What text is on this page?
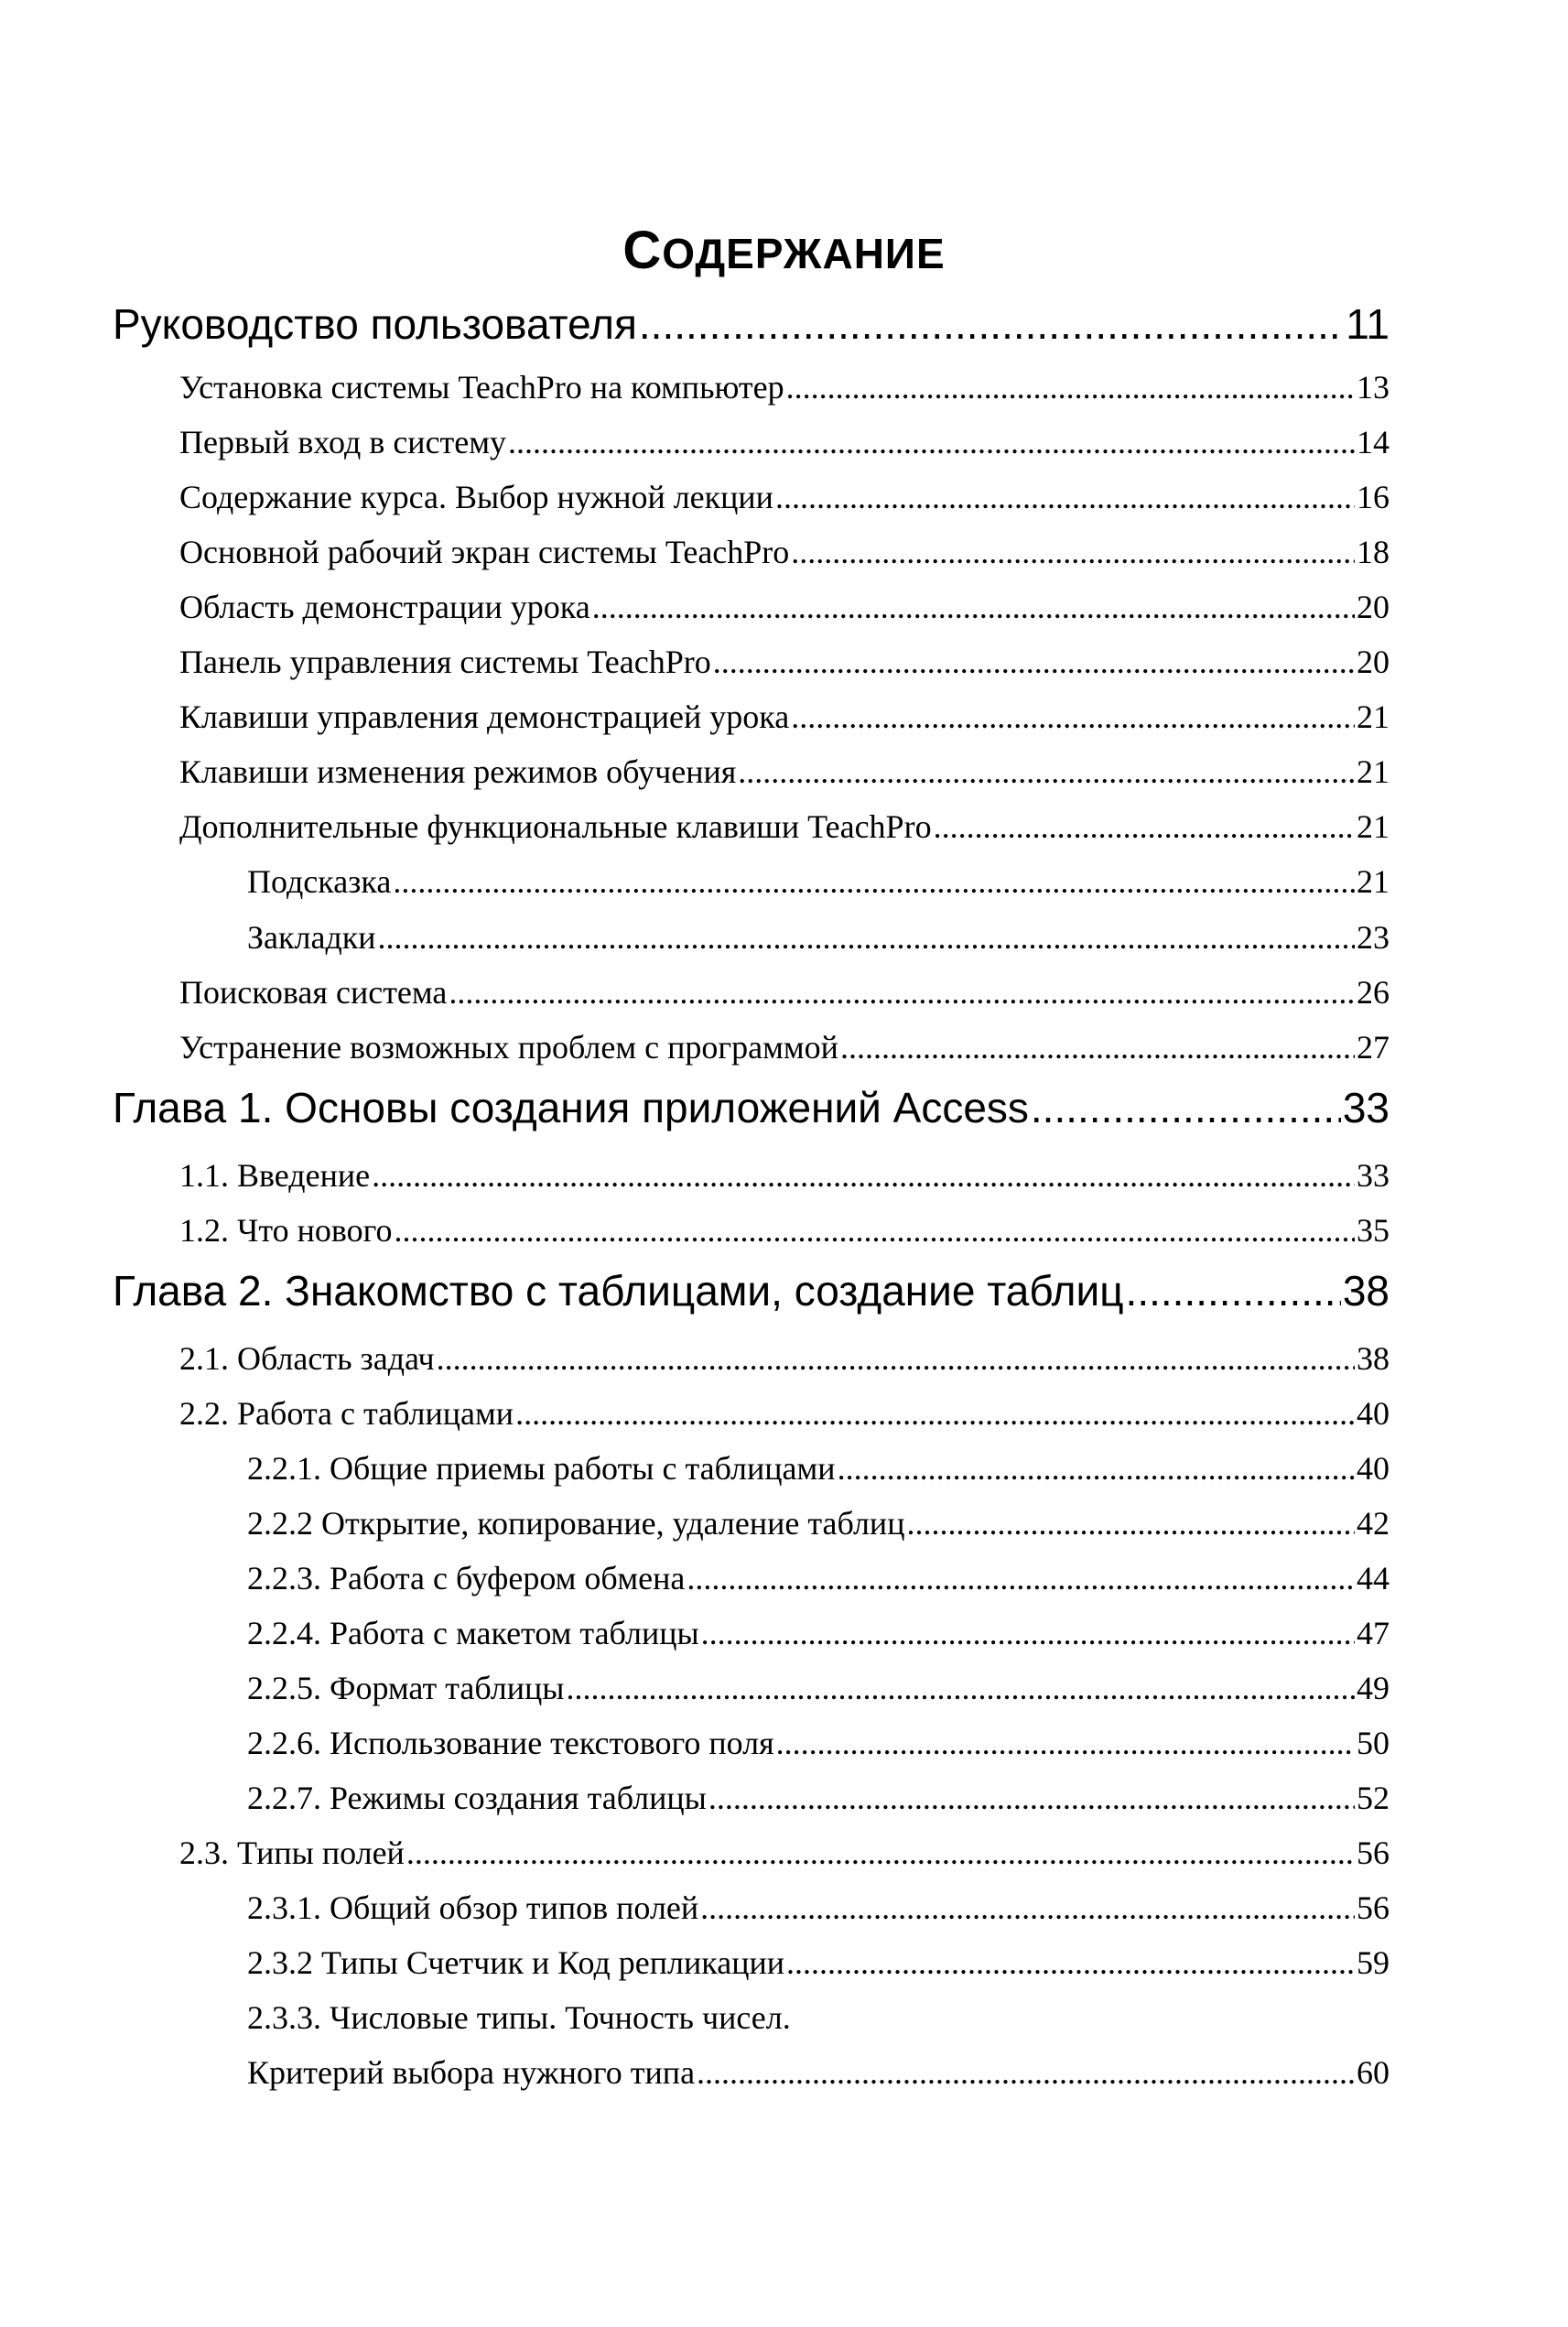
СОДЕРЖАНИЕ
Руководство пользователя .....	11
Установка системы TeachPro на компьютер .....	13
Первый вход в систему .....	14
Содержание курса. Выбор нужной лекции .....	16
Основной рабочий экран системы TeachPro .....	18
Область демонстрации урока .....	20
Панель управления системы TeachPro .....	20
Клавиши управления демонстрацией урока .....	21
Клавиши изменения режимов обучения .....	21
Дополнительные функциональные клавиши TeachPro .....	21
Подсказка .....	21
Закладки .....	23
Поисковая система .....	26
Устранение возможных проблем с программой .....	27
Глава 1. Основы создания приложений Access .....	33
1.1. Введение .....	33
1.2. Что нового .....	35
Глава 2. Знакомство с таблицами, создание таблиц .....	38
2.1. Область задач .....	38
2.2. Работа с таблицами .....	40
2.2.1. Общие приемы работы с таблицами .....	40
2.2.2 Открытие, копирование, удаление таблиц .....	42
2.2.3. Работа с буфером обмена .....	44
2.2.4. Работа с макетом таблицы .....	47
2.2.5. Формат таблицы .....	49
2.2.6. Использование текстового поля .....	50
2.2.7. Режимы создания таблицы .....	52
2.3. Типы полей .....	56
2.3.1. Общий обзор типов полей .....	56
2.3.2 Типы Счетчик и Код репликации .....	59
2.3.3. Числовые типы. Точность чисел.
Критерий выбора нужного типа .....	60
